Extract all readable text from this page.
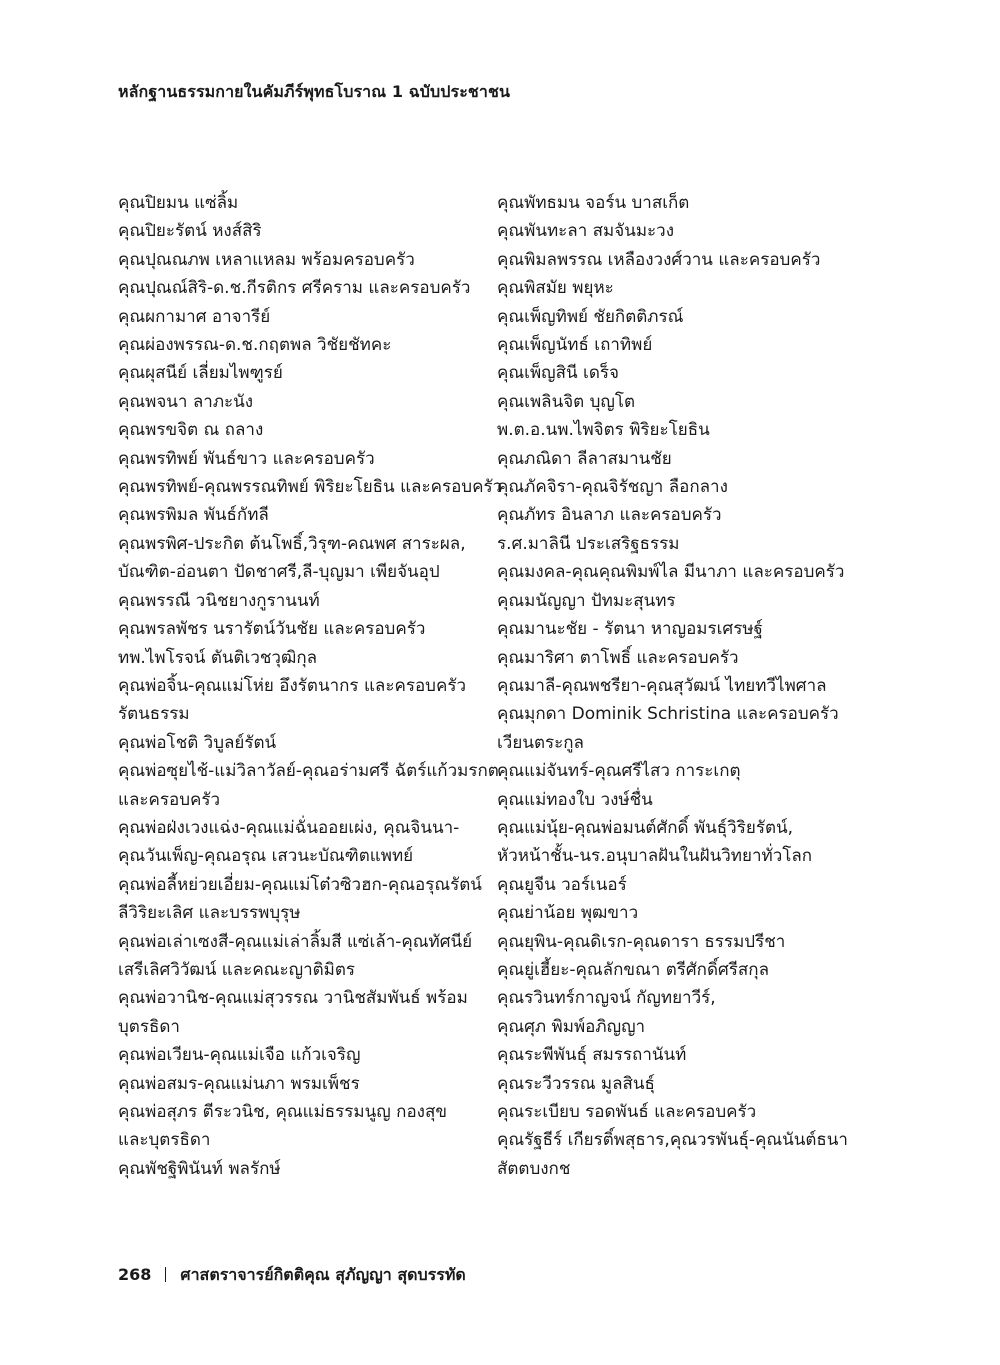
หลักฐานธรรมกายในคัมภีร์พุทธโบราณ 1 ฉบับประชาชน
คุณปิยมน แซ่ลิ้ม
คุณปิยะรัตน์ หงส์สิริ
คุณปุณณภพ เหลาแหลม พร้อมครอบครัว
คุณปุณณ์สิริ-ด.ช.กีรติกร ศรีคราม และครอบครัว
คุณผกามาศ อาจารีย์
คุณผ่องพรรณ-ด.ช.กฤตพล วิชัยชัทคะ
คุณผุสนีย์ เลี่ยมไพฑูรย์
คุณพจนา ลาภะนัง
คุณพรขจิต ณ ถลาง
คุณพรทิพย์ พันธ์ขาว และครอบครัว
คุณพรทิพย์-คุณพรรณทิพย์ พิริยะโยธิน และครอบครัว
คุณพรพิมล พันธ์กัทลี
คุณพรพิศ-ประกิต ต้นโพธิ์,วิรุฑ-คณพศ สาระผล,
บัณฑิต-อ่อนตา ปัดชาศรี,ลี-บุญมา เพียจันอุป
คุณพรรณี วนิชยางกูรานนท์
คุณพรลพัชร นรารัตน์วันชัย และครอบครัว
ทพ.ไพโรจน์ ตันติเวชวุฒิกุล
คุณพ่อจิ้น-คุณแม่โห่ย อึงรัตนากร และครอบครัว
รัตนธรรม
คุณพ่อโชติ วิบูลย์รัตน์
คุณพ่อซุยไช้-แม่วิลาวัลย์-คุณอร่ามศรี ฉัตร์แก้วมรกต
และครอบครัว
คุณพ่อฝ่งเวงแฉ่ง-คุณแม่ฉั่นออยเผ่ง, คุณจินนา-
คุณวันเพ็ญ-คุณอรุณ เสวนะบัณฑิตแพทย์
คุณพ่อลี้หย่วยเอี่ยม-คุณแม่โต๋วซิวฮก-คุณอรุณรัตน์
ลีวิริยะเลิศ และบรรพบุรุษ
คุณพ่อเล่าเซงสี-คุณแม่เล่าลิ้มสี แซ่เล้า-คุณทัศนีย์
เสรีเลิศวิวัฒน์ และคณะญาติมิตร
คุณพ่อวานิช-คุณแม่สุวรรณ วานิชสัมพันธ์ พร้อม
บุตรธิดา
คุณพ่อเวียน-คุณแม่เจือ แก้วเจริญ
คุณพ่อสมร-คุณแม่นภา พรมเพ็ชร
คุณพ่อสุภร ตีระวนิช, คุณแม่ธรรมนูญ กองสุข
และบุตรธิดา
คุณพัชฐิพินันท์ พลรักษ์
คุณพัทธมน จอร์น บาสเก็ต
คุณพันทะลา สมจันมะวง
คุณพิมลพรรณ เหลืองวงศ์วาน และครอบครัว
คุณพิสมัย พยุหะ
คุณเพ็ญทิพย์ ชัยกิตติภรณ์
คุณเพ็ญนัทธ์ เถาทิพย์
คุณเพ็ญสินี เดร็จ
คุณเพลินจิต บุญโต
พ.ต.อ.นพ.ไพจิตร พิริยะโยธิน
คุณภณิดา ลีลาสมานชัย
คุณภัคจิรา-คุณจิรัชญา ลือกลาง
คุณภัทร อินลาภ และครอบครัว
ร.ศ.มาลินี ประเสริฐธรรม
คุณมงคล-คุณคุณพิมพ์ไล มีนาภา และครอบครัว
คุณมนัญญา ปัทมะสุนทร
คุณมานะชัย - รัตนา หาญอมรเศรษฐ์
คุณมาริศา ตาโพธิ์ และครอบครัว
คุณมาลี-คุณพชรียา-คุณสุวัฒน์ ไทยทวีไพศาล
คุณมุกดา Dominik Schristina และครอบครัว
เวียนตระกูล
คุณแม่จันทร์-คุณศรีไสว การะเกตุ
คุณแม่ทองใบ วงษ์ชื่น
คุณแม่นุ้ย-คุณพ่อมนต์ศักดิ์ พันธุ์วิริยรัตน์,
หัวหน้าชั้น-นร.อนุบาลฝันในฝันวิทยาทั่วโลก
คุณยูจีน วอร์เนอร์
คุณย่าน้อย พุฒขาว
คุณยุพิน-คุณดิเรก-คุณดารา ธรรมปรีชา
คุณยู่เฮี้ยะ-คุณลักขณา ตรีศักดิ์ศรีสกุล
คุณรวินทร์กาญจน์ กัญทยาวีร์,
คุณศุภ พิมพ์อภิญญา
คุณระพีพันธุ์ สมรรถานันท์
คุณระวีวรรณ มูลสินธุ์
คุณระเบียบ รอดพันธ์ และครอบครัว
คุณรัฐธีร์ เกียรติ์พสุธาร,คุณวรพันธุ์-คุณนันต์ธนา
สัตตบงกช
268 ศาสตราจารย์กิตติคุณ สุภัญญา สุดบรรทัด
